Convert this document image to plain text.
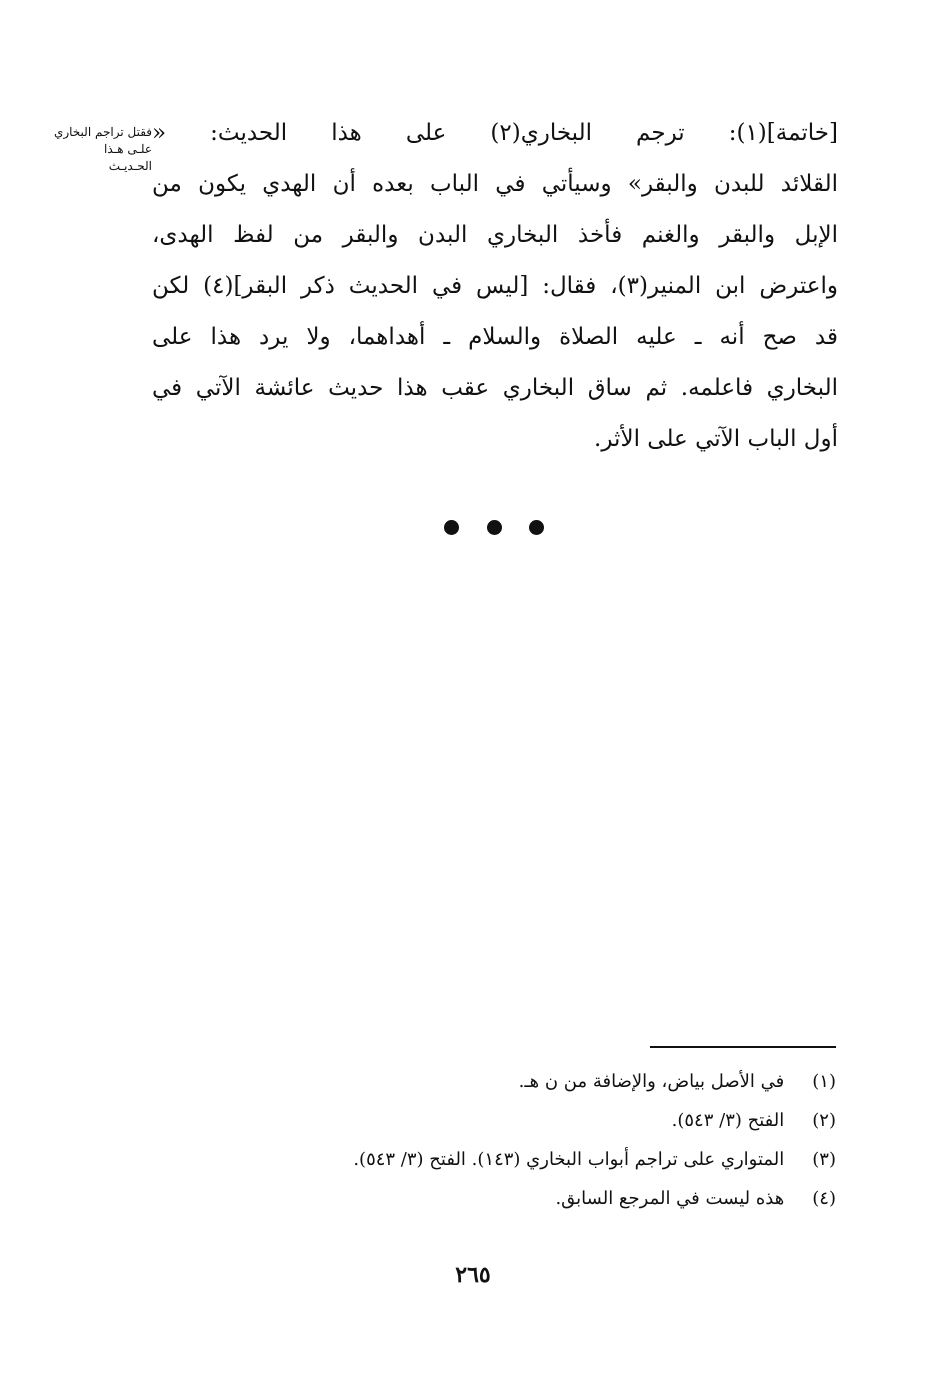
فقتل تراجم البخاري
علـى هـذا
الحـديـث
[خاتمة](١): ترجم البخاري(٢) على هذا الحديث: «
القلائد للبدن والبقر» وسيأتي في الباب بعده أن الهدي يكون من
الإبل والبقر والغنم فأخذ البخاري البدن والبقر من لفظ الهدى،
واعترض ابن المنير(٣)، فقال: [ليس في الحديث ذكر البقر](٤) لكن
قد صح أنه ـ عليه الصلاة والسلام ـ أهداهما، ولا يرد هذا على
البخاري فاعلمه. ثم ساق البخاري عقب هذا حديث عائشة الآتي في
أول الباب الآتي على الأثر.
(١) في الأصل بياض، والإضافة من ن هـ.
(٢) الفتح (٣/ ٥٤٣).
(٣) المتواري على تراجم أبواب البخاري (١٤٣). الفتح (٣/ ٥٤٣).
(٤) هذه ليست في المرجع السابق.
٢٦٥
